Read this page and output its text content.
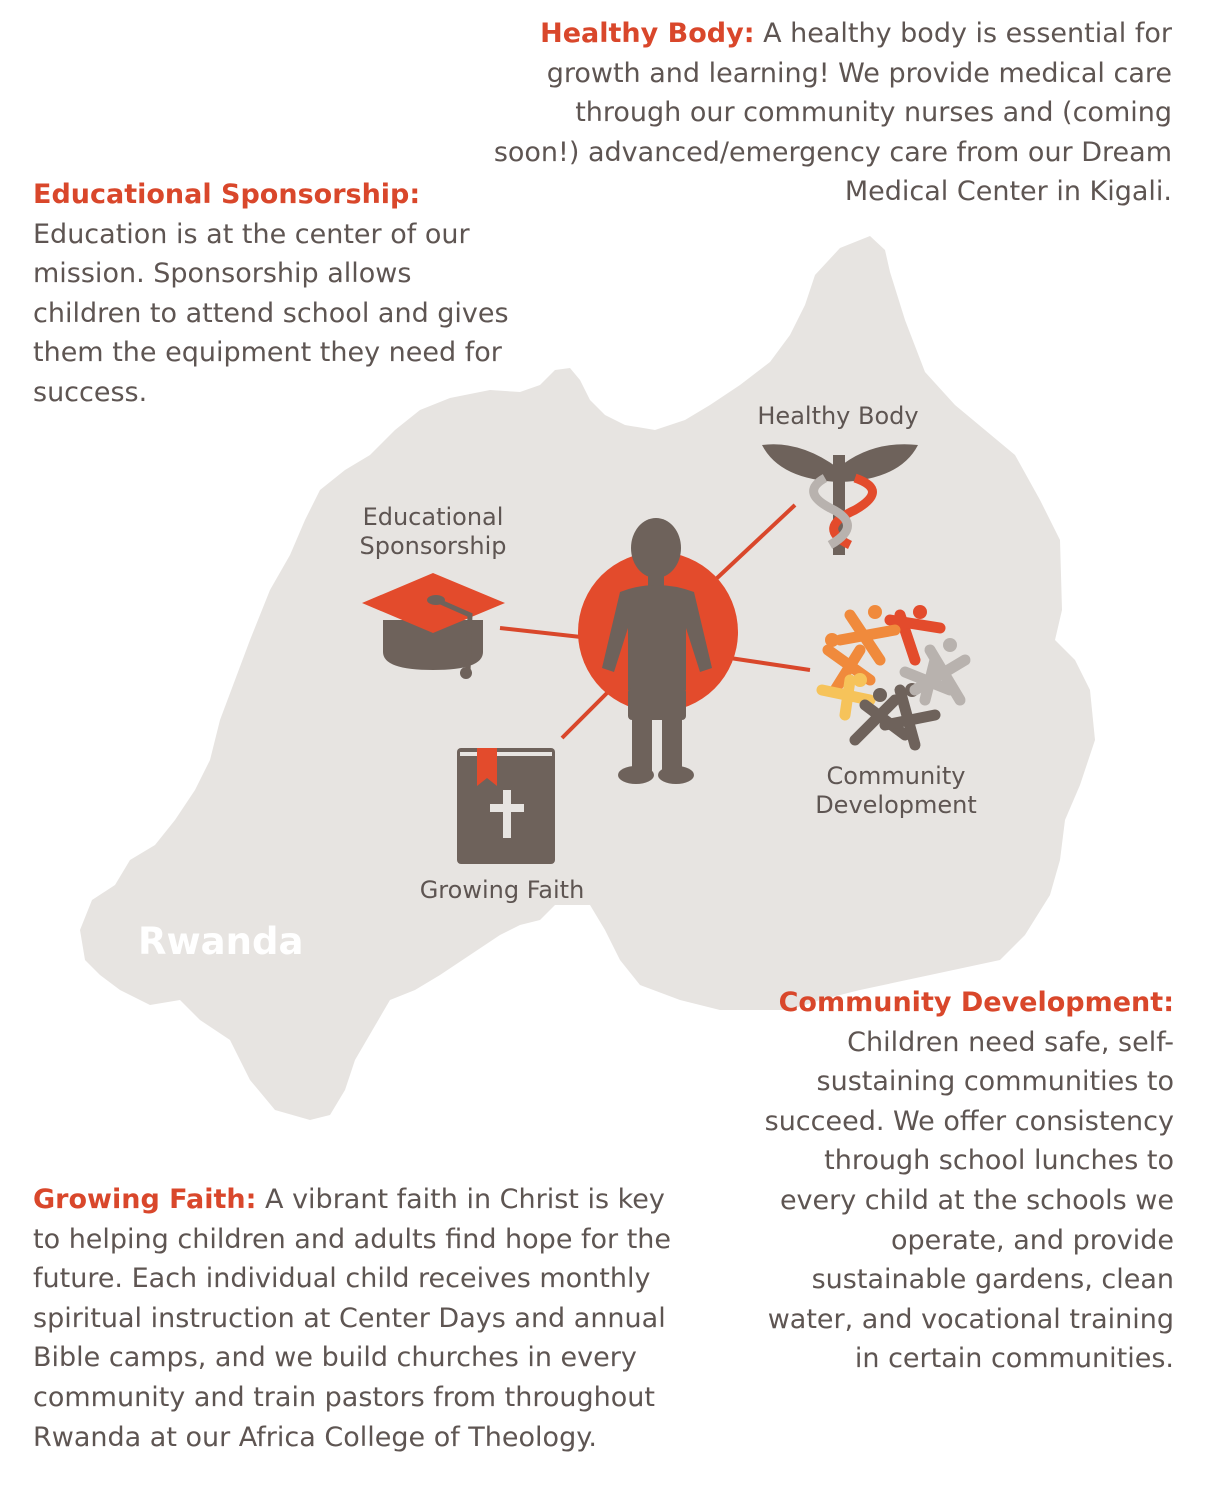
Healthy Body
Educational
Sponsorship
Community
Development
Growing Faith
Rwanda
Healthy Body: A healthy body is essential for growth and learning! We provide medical care through our community nurses and (coming soon!) advanced/emergency care from our Dream Medical Center in Kigali.
Educational Sponsorship:
Education is at the center of our mission. Sponsorship allows children to attend school and gives them the equipment they need for success.
Community Development:
Children need safe, self-sustaining communities to succeed. We offer consistency through school lunches to every child at the schools we operate, and provide sustainable gardens, clean water, and vocational training in certain communities.
Growing Faith: A vibrant faith in Christ is key to helping children and adults find hope for the future. Each individual child receives monthly spiritual instruction at Center Days and annual Bible camps, and we build churches in every community and train pastors from throughout Rwanda at our Africa College of Theology.
